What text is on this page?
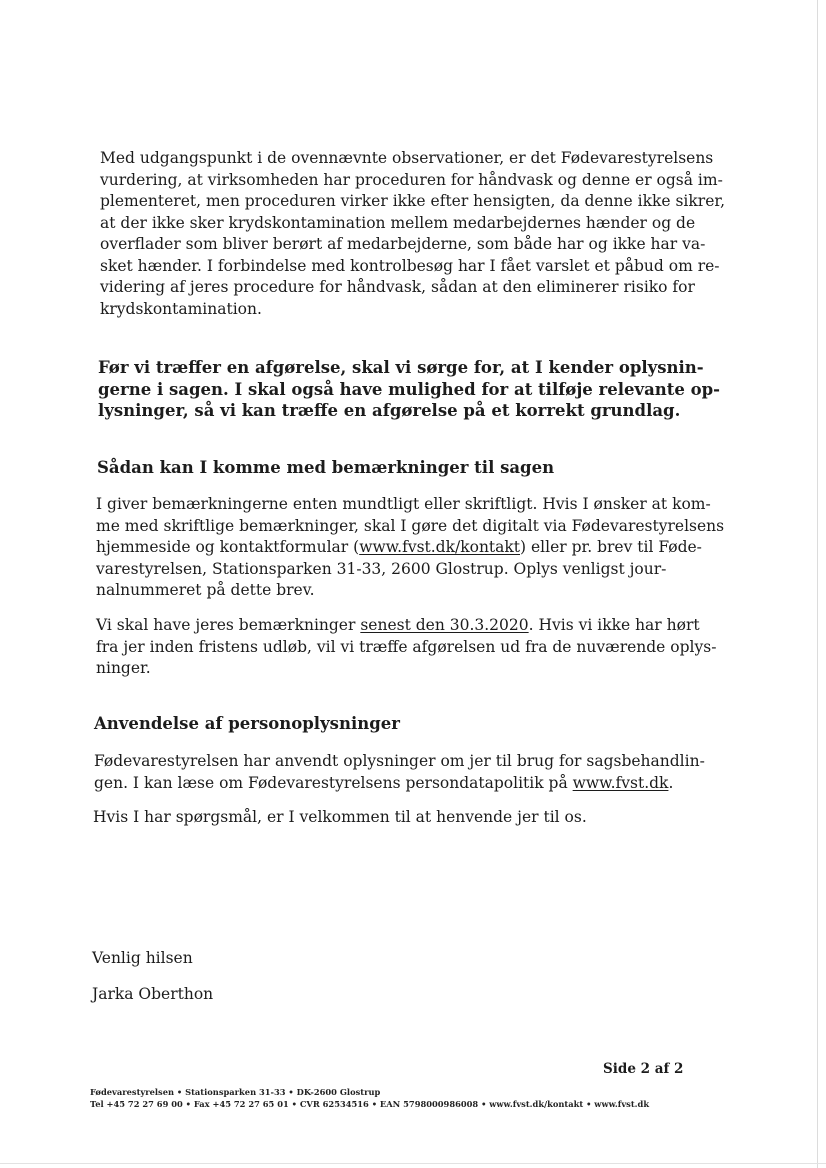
Med udgangspunkt i de ovennævnte observationer, er det Fødevarestyrelsens
vurdering, at virksomheden har proceduren for håndvask og denne er også im-
plementeret, men proceduren virker ikke efter hensigten, da denne ikke sikrer,
at der ikke sker krydskontamination mellem medarbejdernes hænder og de
overflader som bliver berørt af medarbejderne, som både har og ikke har va-
sket hænder. I forbindelse med kontrolbesøg har I fået varslet et påbud om re-
videring af jeres procedure for håndvask, sådan at den eliminerer risiko for
krydskontamination.
Før vi træffer en afgørelse, skal vi sørge for, at I kender oplysnin-
gerne i sagen. I skal også have mulighed for at tilføje relevante op-
lysninger, så vi kan træffe en afgørelse på et korrekt grundlag.
Sådan kan I komme med bemærkninger til sagen
I giver bemærkningerne enten mundtligt eller skriftligt. Hvis I ønsker at kom-
me med skriftlige bemærkninger, skal I gøre det digitalt via Fødevarestyrelsens
hjemmeside og kontaktformular (www.fvst.dk/kontakt) eller pr. brev til Føde-
varestyrelsen, Stationsparken 31-33, 2600 Glostrup. Oplys venligst jour-
nalnummeret på dette brev.
Vi skal have jeres bemærkninger senest den 30.3.2020. Hvis vi ikke har hørt
fra jer inden fristens udløb, vil vi træffe afgørelsen ud fra de nuværende oplys-
ninger.
Anvendelse af personoplysninger
Fødevarestyrelsen har anvendt oplysninger om jer til brug for sagsbehandlin-
gen. I kan læse om Fødevarestyrelsens persondatapolitik på www.fvst.dk.
Hvis I har spørgsmål, er I velkommen til at henvende jer til os.
Venlig hilsen
Jarka Oberthon
Side 2 af 2
Fødevarestyrelsen • Stationsparken 31-33 • DK-2600 Glostrup
Tel +45 72 27 69 00 • Fax +45 72 27 65 01 • CVR 62534516 • EAN 5798000986008 • www.fvst.dk/kontakt • www.fvst.dk
